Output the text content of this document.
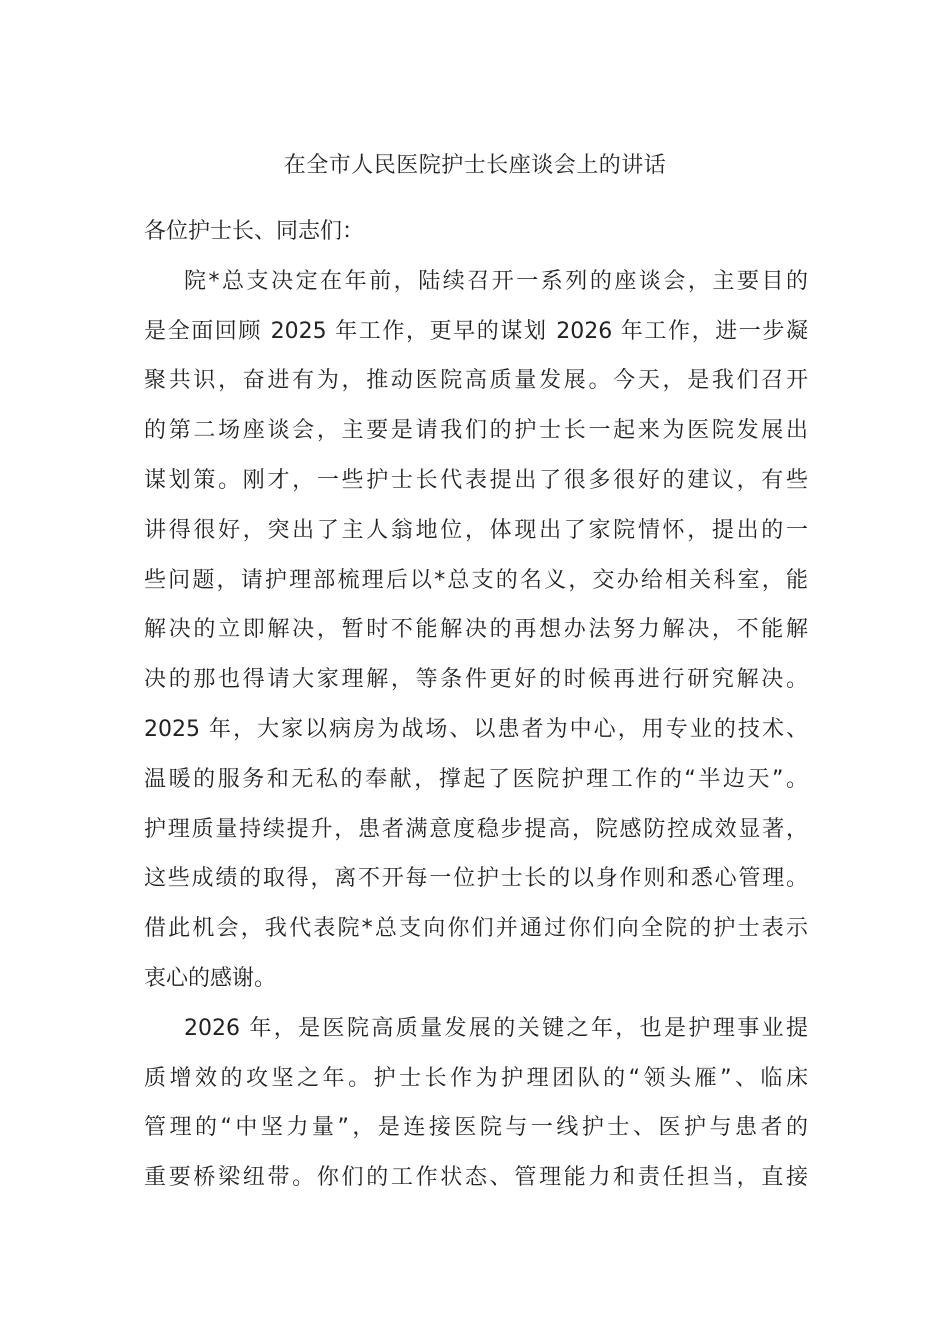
在全市人民医院护士长座谈会上的讲话
各位护士长、同志们：
院*总支决定在年前，陆续召开一系列的座谈会，主要目的
是全面回顾 2025 年工作，更早的谋划 2026 年工作，进一步凝
聚共识，奋进有为，推动医院高质量发展。今天，是我们召开
的第二场座谈会，主要是请我们的护士长一起来为医院发展出
谋划策。刚才，一些护士长代表提出了很多很好的建议，有些
讲得很好，突出了主人翁地位，体现出了家院情怀，提出的一
些问题，请护理部梳理后以*总支的名义，交办给相关科室，能
解决的立即解决，暂时不能解决的再想办法努力解决，不能解
决的那也得请大家理解，等条件更好的时候再进行研究解决。
2025 年，大家以病房为战场、以患者为中心，用专业的技术、
温暖的服务和无私的奉献，撑起了医院护理工作的“半边天”。
护理质量持续提升，患者满意度稳步提高，院感防控成效显著，
这些成绩的取得，离不开每一位护士长的以身作则和悉心管理。
借此机会，我代表院*总支向你们并通过你们向全院的护士表示
衷心的感谢。
2026 年，是医院高质量发展的关键之年，也是护理事业提
质增效的攻坚之年。护士长作为护理团队的“领头雁”、临床
管理的“中坚力量”，是连接医院与一线护士、医护与患者的
重要桥梁纽带。你们的工作状态、管理能力和责任担当，直接
